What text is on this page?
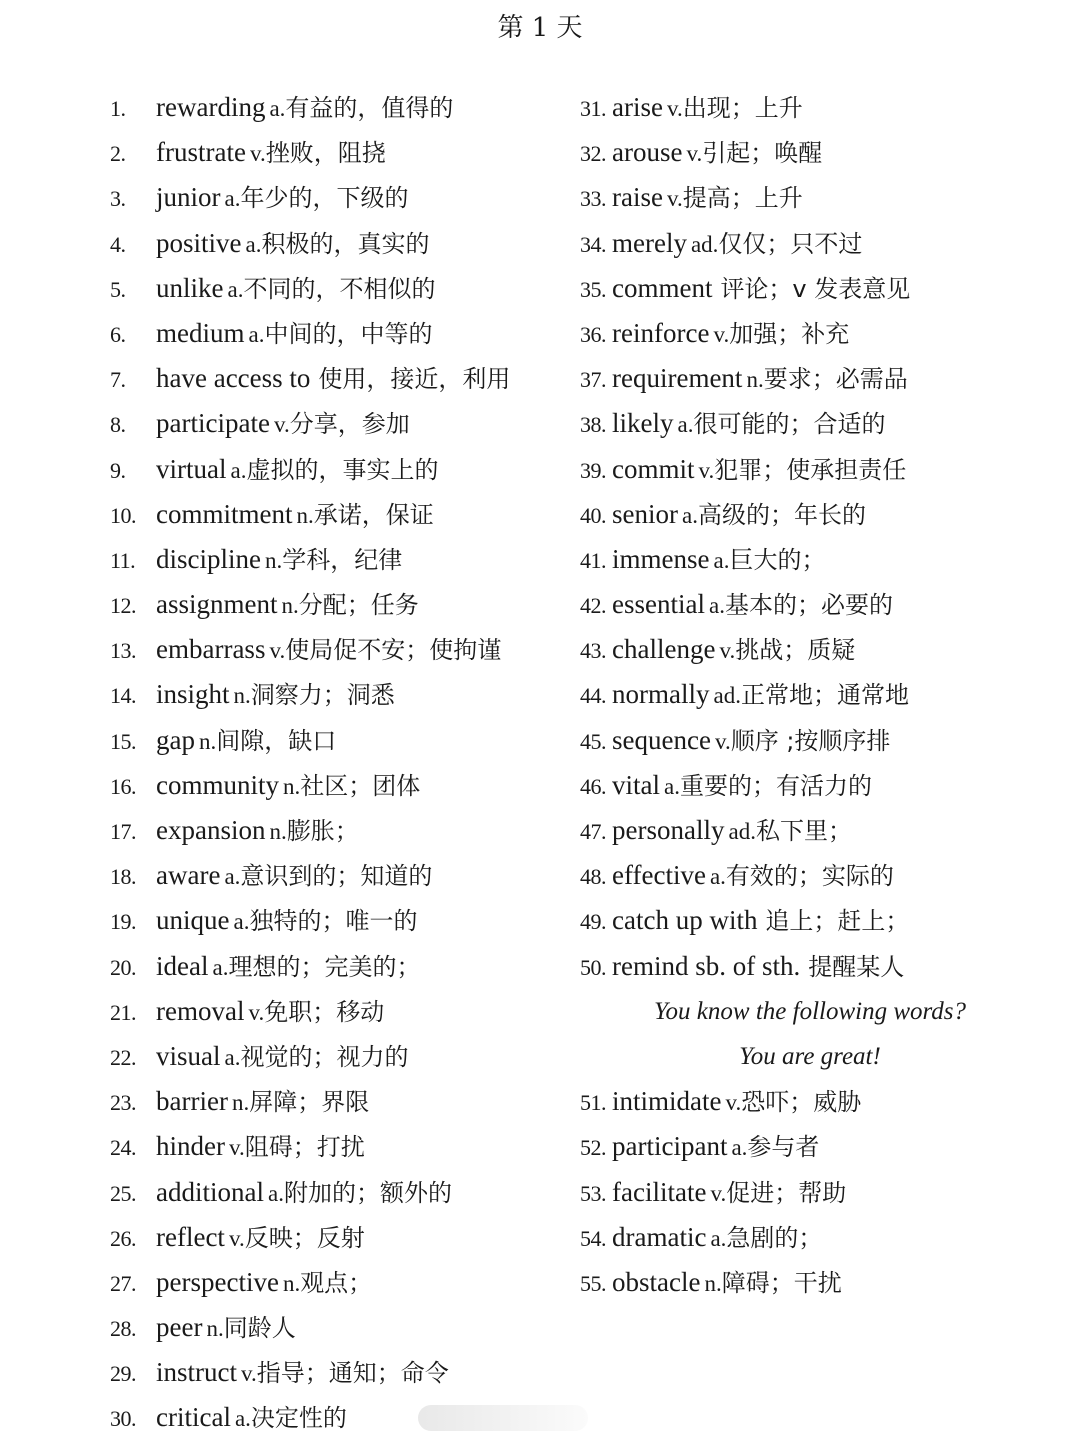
第 1 天
1. rewarding a.有益的，值得的
2. frustrate v.挫败，阻挠
3. junior a.年少的，下级的
4. positive a.积极的，真实的
5. unlike a.不同的，不相似的
6. medium a.中间的，中等的
7. have access to 使用，接近，利用
8. participate v.分享，参加
9. virtual a.虚拟的，事实上的
10. commitment n.承诺，保证
11. discipline n.学科，纪律
12. assignment n.分配；任务
13. embarrass v.使局促不安；使拘谨
14. insight n.洞察力；洞悉
15. gap n.间隙，缺口
16. community n.社区；团体
17. expansion n.膨胀；
18. aware a.意识到的；知道的
19. unique a.独特的；唯一的
20. ideal a.理想的；完美的；
21. removal v.免职；移动
22. visual a.视觉的；视力的
23. barrier n.屏障；界限
24. hinder v.阻碍；打扰
25. additional a.附加的；额外的
26. reflect v.反映；反射
27. perspective n.观点；
28. peer n.同龄人
29. instruct v.指导；通知；命令
30. critical a.决定性的
31. arise v.出现；上升
32. arouse v.引起；唤醒
33. raise v.提高；上升
34. merely ad.仅仅；只不过
35. comment 评论；v 发表意见
36. reinforce v.加强；补充
37. requirement n.要求；必需品
38. likely a.很可能的；合适的
39. commit v.犯罪；使承担责任
40. senior a.高级的；年长的
41. immense a.巨大的；
42. essential a.基本的；必要的
43. challenge v.挑战；质疑
44. normally ad.正常地；通常地
45. sequence v.顺序 ;按顺序排
46. vital a.重要的；有活力的
47. personally ad.私下里；
48. effective a.有效的；实际的
49. catch up with 追上；赶上；
50. remind sb. of sth. 提醒某人
You know the following words?
You are great!
51. intimidate v.恐吓；威胁
52. participant a.参与者
53. facilitate v.促进；帮助
54. dramatic a.急剧的；
55. obstacle n.障碍；干扰
